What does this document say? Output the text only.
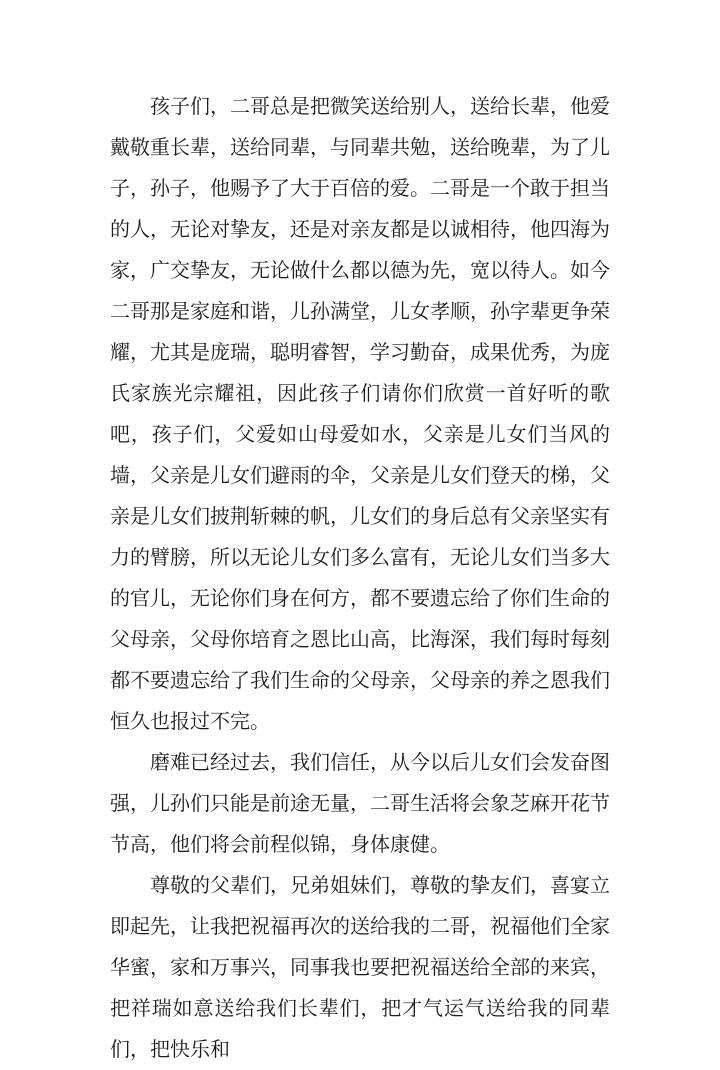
孩子们，二哥总是把微笑送给别人，送给长辈，他爱戴敬重长辈，送给同辈，与同辈共勉，送给晚辈，为了儿子，孙子，他赐予了大于百倍的爱。二哥是一个敢于担当的人，无论对挚友，还是对亲友都是以诚相待，他四海为家，广交挚友，无论做什么都以德为先，宽以待人。如今二哥那是家庭和谐，儿孙满堂，儿女孝顺，孙字辈更争荣耀，尤其是庞瑞，聪明睿智，学习勤奋，成果优秀，为庞氏家族光宗耀祖，因此孩子们请你们欣赏一首好听的歌吧，孩子们，父爱如山母爱如水，父亲是儿女们当风的墙，父亲是儿女们避雨的伞，父亲是儿女们登天的梯，父亲是儿女们披荆斩棘的帆，儿女们的身后总有父亲坚实有力的臂膀，所以无论儿女们多么富有，无论儿女们当多大的官儿，无论你们身在何方，都不要遗忘给了你们生命的父母亲，父母你培育之恩比山高，比海深，我们每时每刻都不要遗忘给了我们生命的父母亲，父母亲的养之恩我们恒久也报过不完。

磨难已经过去，我们信任，从今以后儿女们会发奋图强，儿孙们只能是前途无量，二哥生活将会象芝麻开花节节高，他们将会前程似锦，身体康健。

尊敬的父辈们，兄弟姐妹们，尊敬的挚友们，喜宴立即起先，让我把祝福再次的送给我的二哥，祝福他们全家华蜜，家和万事兴，同事我也要把祝福送给全部的来宾，把祥瑞如意送给我们长辈们，把才气运气送给我的同辈们，把快乐和
